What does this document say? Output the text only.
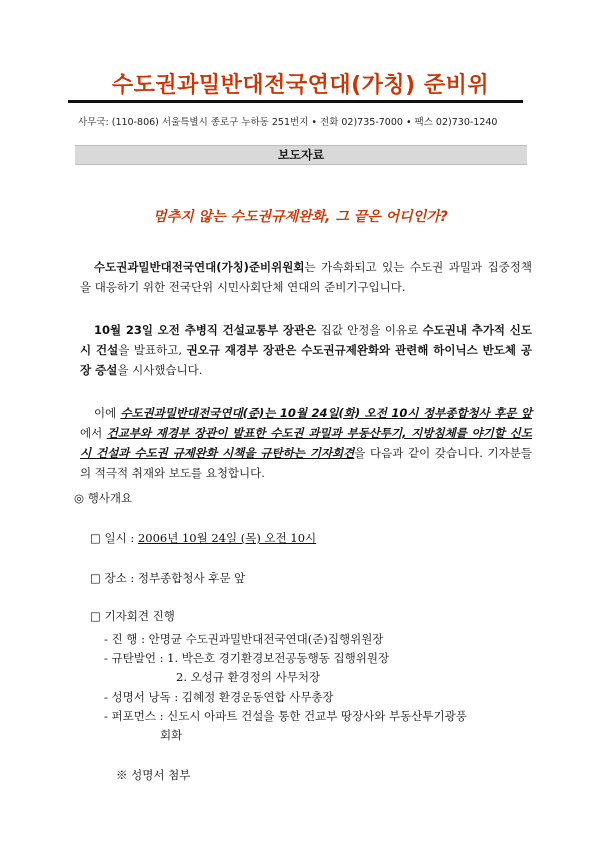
수도권과밀반대전국연대(가칭) 준비위
사무국: (110-806) 서울특별시 종로구 누하동 251번지 • 전화 02)735-7000 • 팩스 02)730-1240
보도자료
멈추지 않는 수도권규제완화, 그 끝은 어디인가?
수도권과밀반대전국연대(가칭)준비위원회는 가속화되고 있는 수도권 과밀과 집중정책을 대응하기 위한 전국단위 시민사회단체 연대의 준비기구입니다.
10월 23일 오전 추병직 건설교통부 장관은 집값 안정을 이유로 수도권내 추가적 신도시 건설을 발표하고, 권오규 재경부 장관은 수도권규제완화와 관련해 하이닉스 반도체 공장 증설을 시사했습니다.
이에 수도권과밀반대전국연대(준)는 10월 24일(화) 오전 10시 정부종합청사 후문 앞에서 건교부와 재경부 장관이 발표한 수도권 과밀과 부동산투기, 지방침체를 야기할 신도시 건설과 수도권 규제완화 시책을 규탄하는 기자회견을 다음과 같이 갖습니다. 기자분들의 적극적 취재와 보도를 요청합니다.
◎ 행사개요
□ 일시 : 2006년 10월 24일 (목) 오전 10시
□ 장소 : 정부종합청사 후문 앞
□ 기자회견 진행
- 진 행 : 안명균 수도권과밀반대전국연대(준)집행위원장
- 규탄발언 : 1. 박은호 경기환경보전공동행동 집행위원장
2. 오성규 환경정의 사무처장
- 성명서 낭독 : 김혜정 환경운동연합 사무총장
- 퍼포먼스 : 신도시 아파트 건설을 통한 건교부 땅장사와 부동산투기광풍
회화
※ 성명서 첨부
